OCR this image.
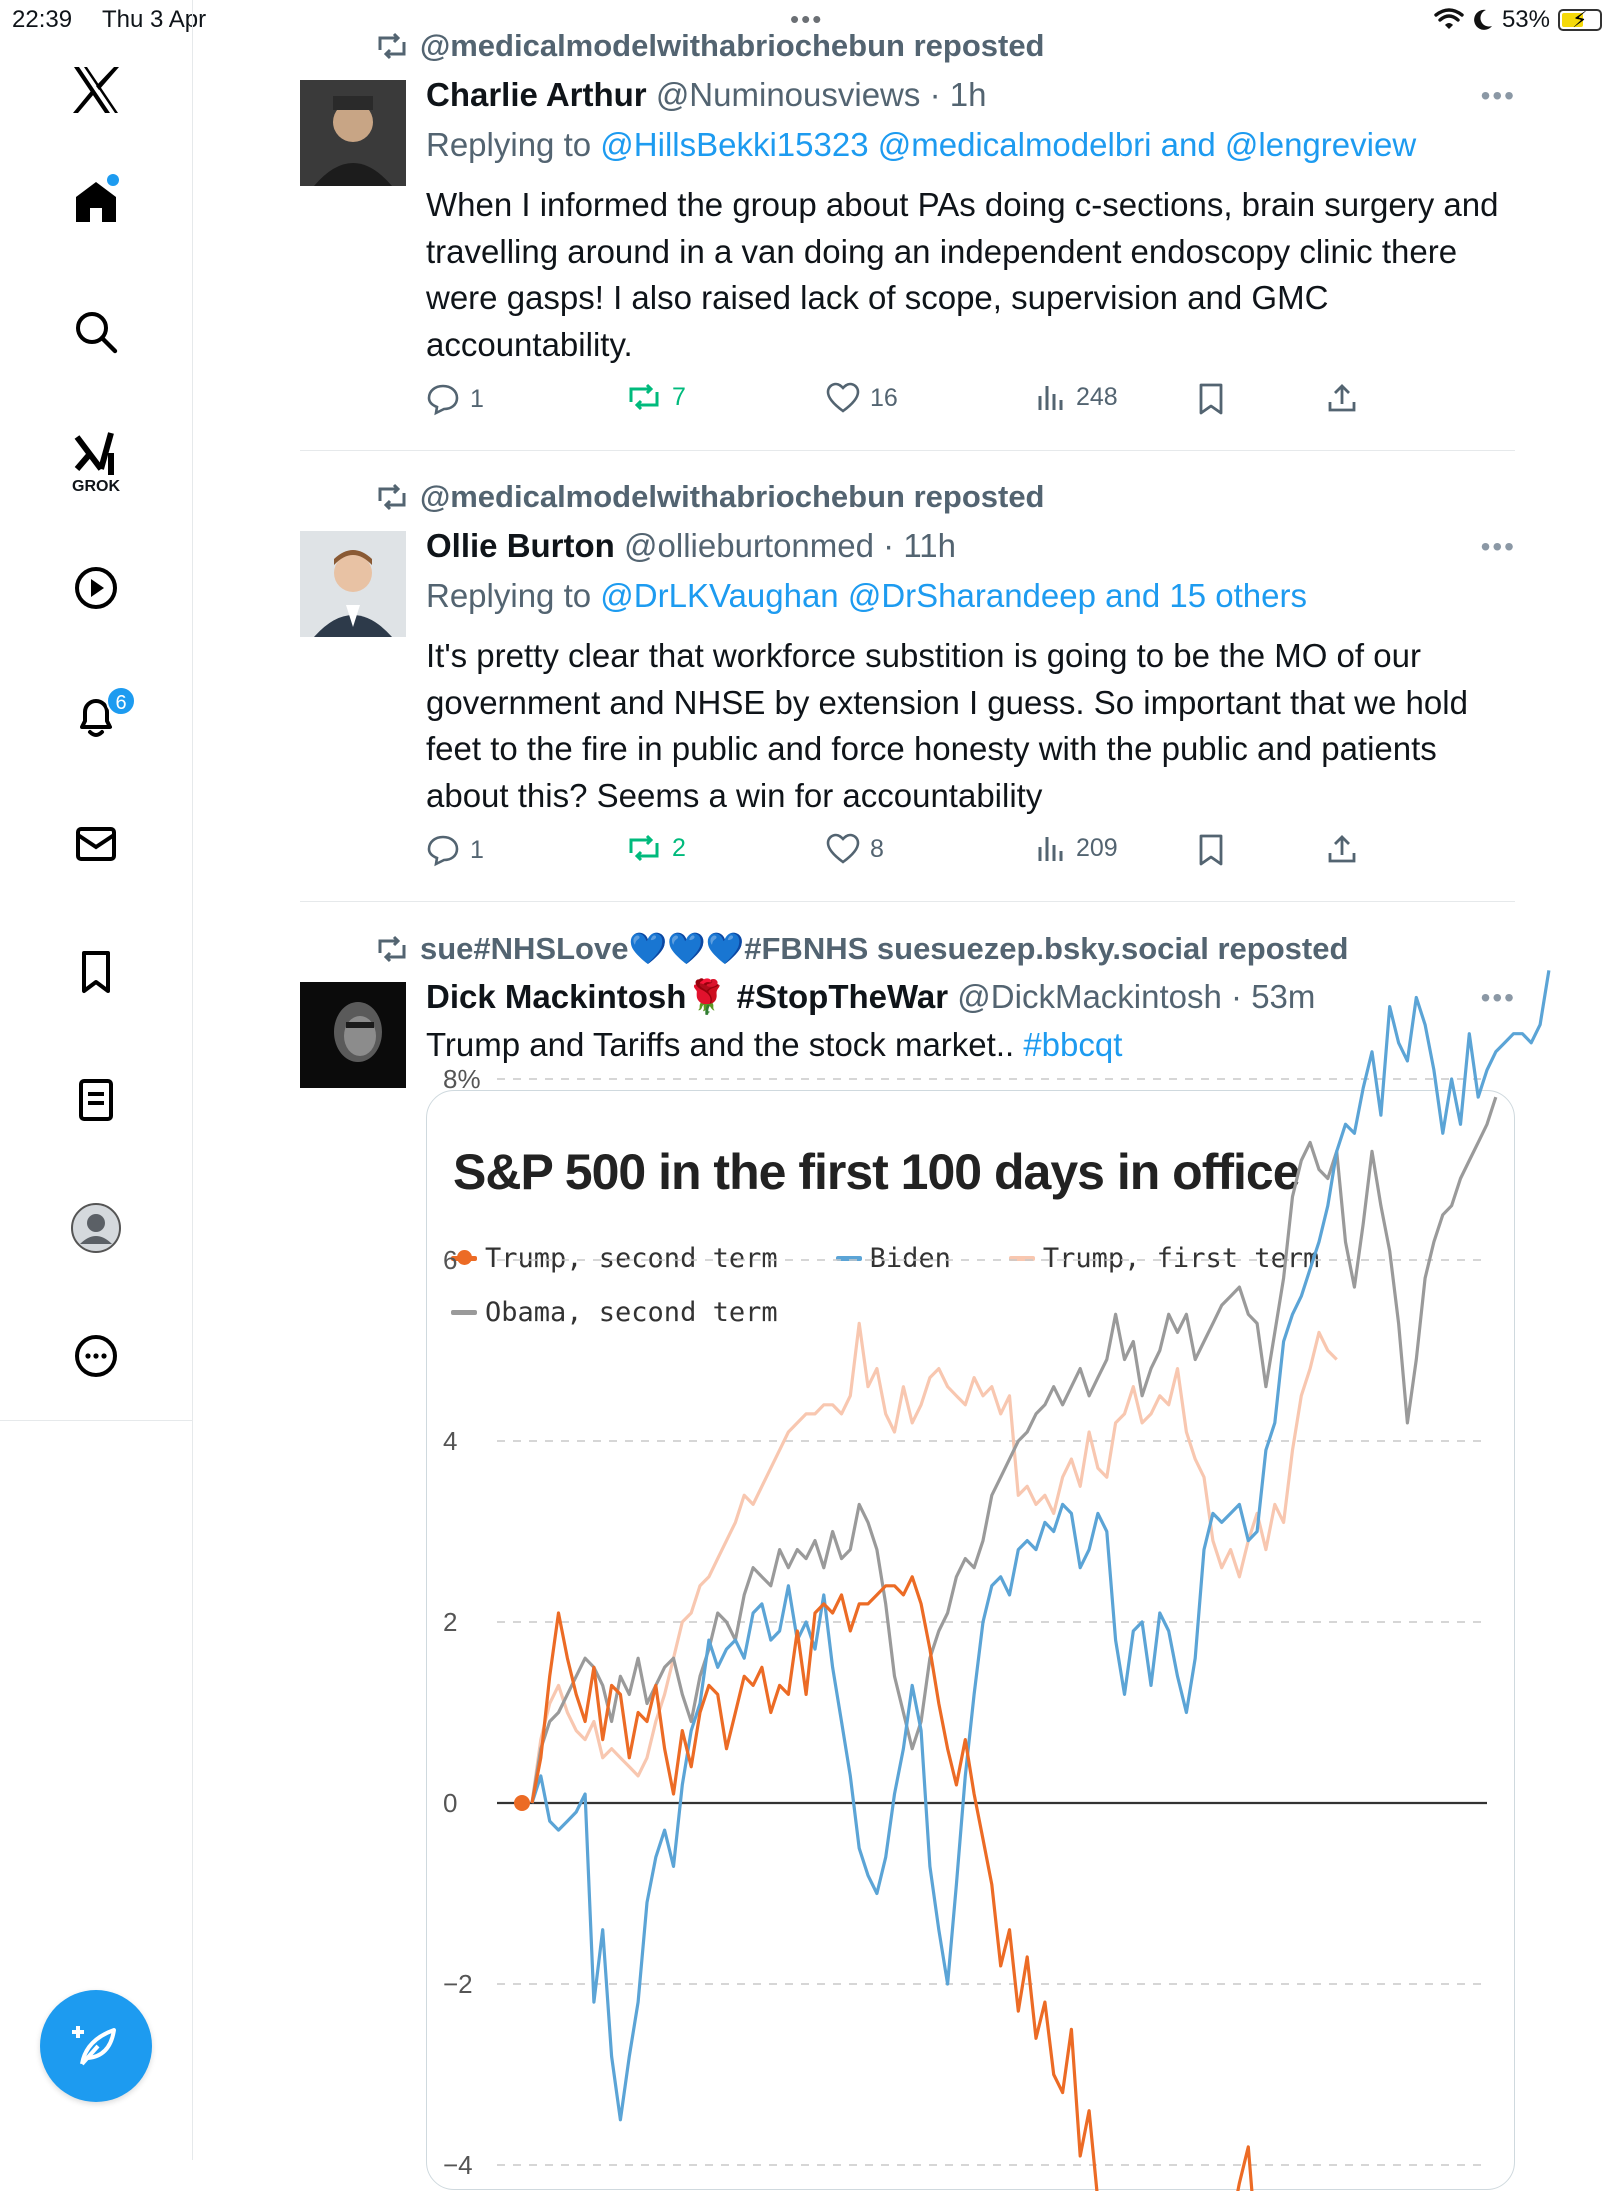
22:39 Thu 3 Apr	•••	53% ⚡
GROK
6
@medicalmodelwithabriochebun reposted
Charlie Arthur @Numinousviews · 1h	•••
Replying to @HillsBekki15323 @medicalmodelbri and @lengreview
When I informed the group about PAs doing c-sections, brain surgery and travelling around in a van doing an independent endoscopy clinic there were gasps! I also raised lack of scope, supervision and GMC accountability.
1	7	16	248
@medicalmodelwithabriochebun reposted
Ollie Burton @ollieburtonmed · 11h	•••
Replying to @DrLKVaughan @DrSharandeep and 15 others
It's pretty clear that workforce substition is going to be the MO of our government and NHSE by extension I guess. So important that we hold feet to the fire in public and force honesty with the public and patients about this? Seems a win for accountability
1	2	8	209
sue#NHSLove💙💙💙#FBNHS suesuezep.bsky.social reposted
Dick Mackintosh🌹 #StopTheWar @DickMackintosh · 53m	•••
Trump and Tariffs and the stock market.. #bbcqt
S&P 500 in the first 100 days in office
Trump, second term	Biden	Trump, first term
Obama, second term
8%
6
4
2
0
−2
−4
